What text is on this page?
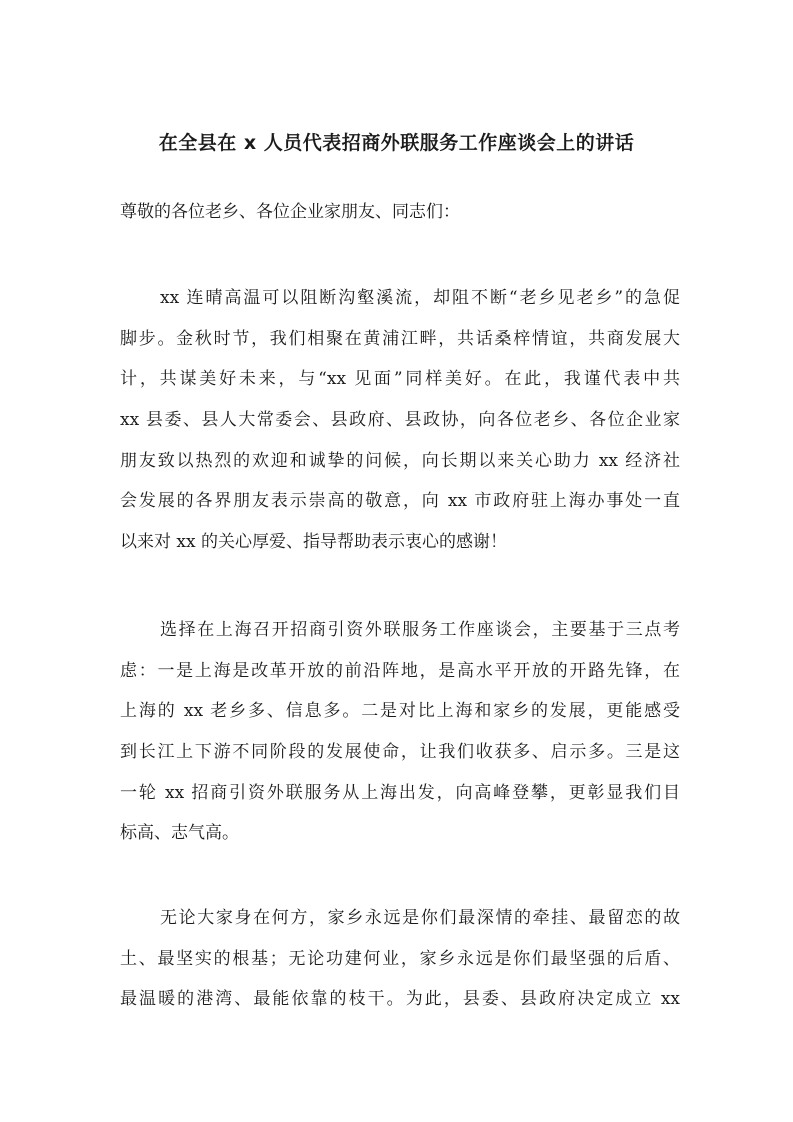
在全县在 x 人员代表招商外联服务工作座谈会上的讲话
尊敬的各位老乡、各位企业家朋友、同志们：
xx 连晴高温可以阻断沟壑溪流，却阻不断“老乡见老乡”的急促
脚步。金秋时节，我们相聚在黄浦江畔，共话桑梓情谊，共商发展大
计，共谋美好未来，与“xx 见面”同样美好。在此，我谨代表中共
xx 县委、县人大常委会、县政府、县政协，向各位老乡、各位企业家
朋友致以热烈的欢迎和诚挚的问候，向长期以来关心助力 xx 经济社
会发展的各界朋友表示崇高的敬意，向 xx 市政府驻上海办事处一直
以来对 xx 的关心厚爱、指导帮助表示衷心的感谢！
选择在上海召开招商引资外联服务工作座谈会，主要基于三点考
虑：一是上海是改革开放的前沿阵地，是高水平开放的开路先锋，在
上海的 xx 老乡多、信息多。二是对比上海和家乡的发展，更能感受
到长江上下游不同阶段的发展使命，让我们收获多、启示多。三是这
一轮 xx 招商引资外联服务从上海出发，向高峰登攀，更彰显我们目
标高、志气高。
无论大家身在何方，家乡永远是你们最深情的牵挂、最留恋的故
土、最坚实的根基；无论功建何业，家乡永远是你们最坚强的后盾、
最温暖的港湾、最能依靠的枝干。为此，县委、县政府决定成立 xx
